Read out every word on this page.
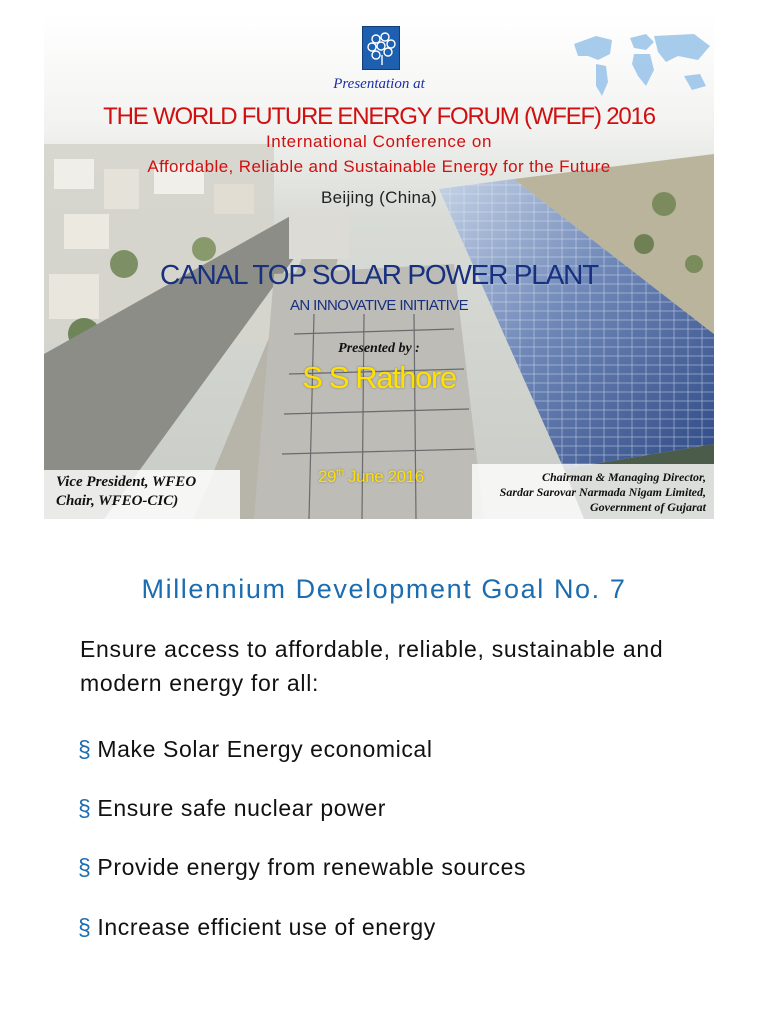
Presentation at
THE WORLD FUTURE ENERGY FORUM (WFEF) 2016
International Conference on
Affordable, Reliable and Sustainable Energy for the Future
Beijing (China)
CANAL TOP SOLAR POWER PLANT
AN INNOVATIVE INITIATIVE
Presented by :
S S Rathore
29th June 2016
Vice President, WFEO
Chair, WFEO-CIC)
Chairman & Managing Director,
Sardar Sarovar Narmada Nigam Limited,
Government of Gujarat
Millennium Development Goal No. 7
Ensure access to affordable, reliable, sustainable and modern energy for all:
§ Make Solar Energy economical
§ Ensure safe nuclear power
§ Provide energy from renewable sources
§ Increase efficient use of energy
